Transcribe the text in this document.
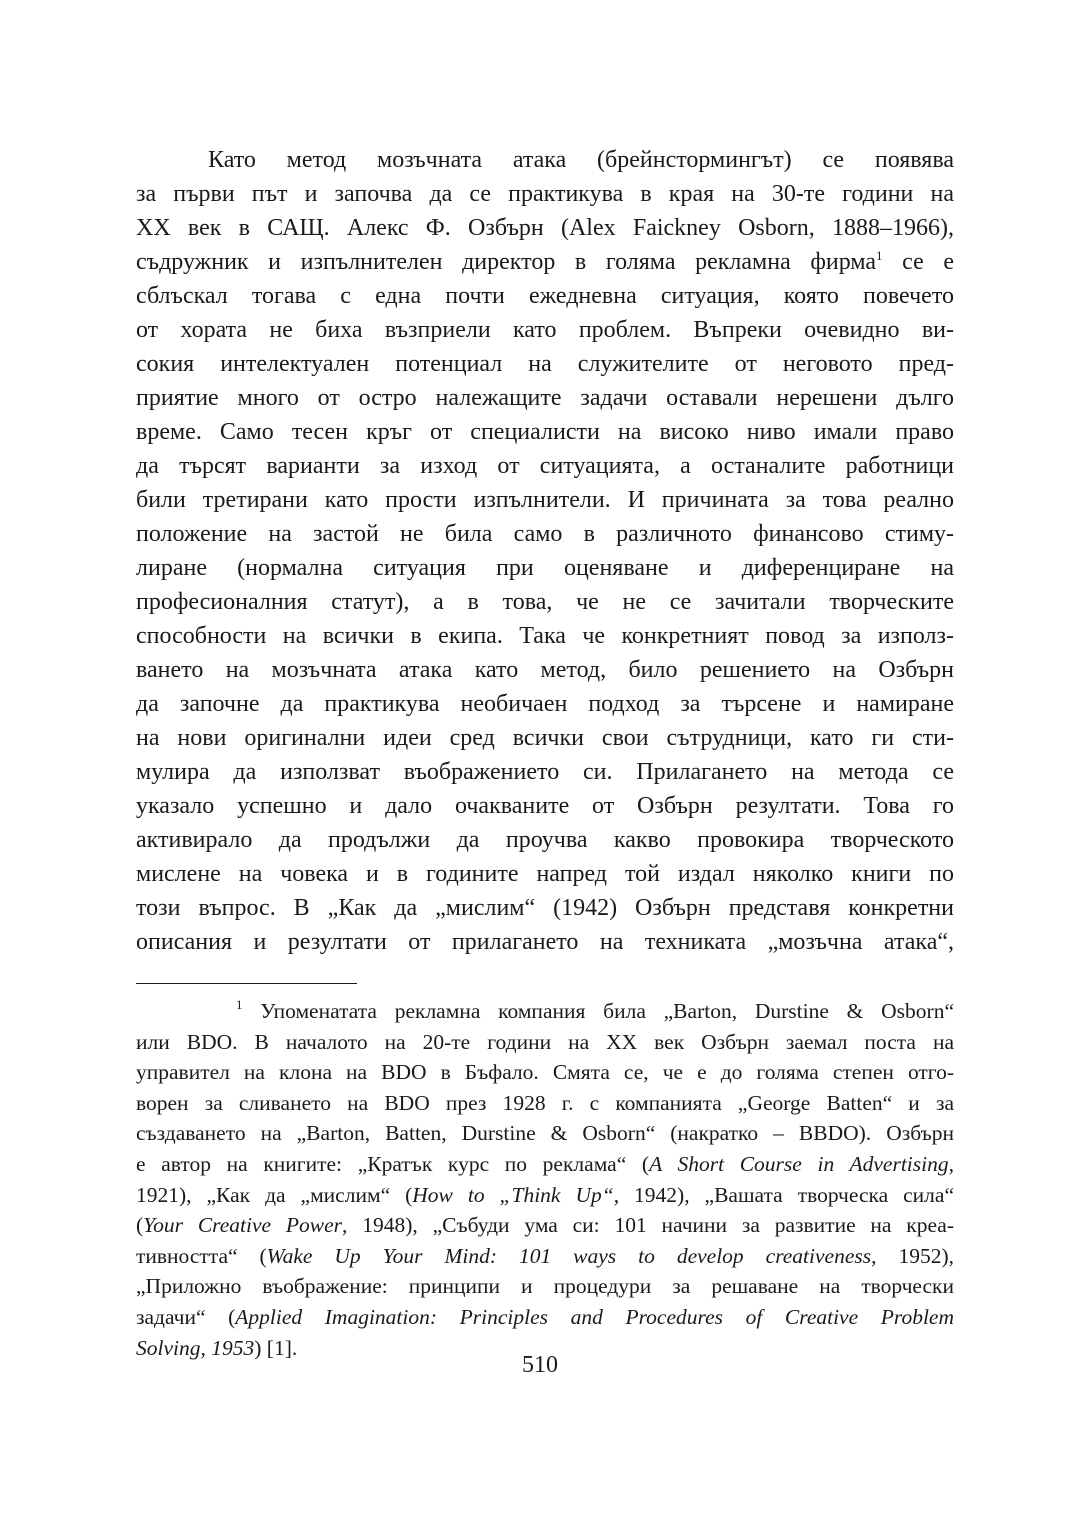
Като метод мозъчната атака (брейнстормингът) се появява
за първи път и започва да се практикува в края на 30-те години на
ХХ век в САЩ. Алекс Ф. Озбърн (Alex Faickney Osborn, 1888–1966),
съдружник и изпълнителен директор в голяма рекламна фирма$^1$ се е
сблъскал тогава с една почти ежедневна ситуация, която повечето
от хората не биха възприели като проблем. Въпреки очевидно ви-
сокия интелектуален потенциал на служителите от неговото пред-
приятие много от остро належащите задачи оставали нерешени дълго
време. Само тесен кръг от специалисти на високо ниво имали право
да търсят варианти за изход от ситуацията, а останалите работници
били третирани като прости изпълнители. И причината за това реално
положение на застой не била само в различното финансово стиму-
лиране (нормална ситуация при оценяване и диференциране на
професионалния статут), а в това, че не се зачитали творческите
способности на всички в екипа. Така че конкретният повод за използ-
ването на мозъчната атака като метод, било решението на Озбърн
да започне да практикува необичаен подход за търсене и намиране
на нови оригинални идеи сред всички свои сътрудници, като ги сти-
мулира да използват въображението си. Прилагането на метода се
указало успешно и дало очакваните от Озбърн резултати. Това го
активирало да продължи да проучва какво провокира творческото
мислене на човека и в годините напред той издал няколко книги по
този въпрос. В „Как да „мислим“ (1942) Озбърн представя конкретни
описания и резултати от прилагането на техниката „мозъчна атака“,
$^1$ Упоменатата рекламна компания била „Barton, Durstine & Osborn“
или BDO. В началото на 20-те години на ХХ век Озбърн заемал поста на
управител на клона на BDO в Бъфало. Смята се, че е до голяма степен отго-
ворен за сливането на BDO през 1928 г. с компанията „George Batten“ и за
създаването на „Barton, Batten, Durstine & Osborn“ (накратко – BBDO). Озбърн
е автор на книгите: „Кратък курс по реклама“ (A Short Course in Advertising,
1921), „Как да „мислим“ (How to „Think Up“, 1942), „Вашата творческа сила“
(Your Creative Power, 1948), „Събуди ума си: 101 начини за развитие на креа-
тивността“ (Wake Up Your Mind: 101 ways to develop creativeness, 1952),
„Приложно въображение: принципи и процедури за решаване на творчески
задачи“ (Applied Imagination: Principles and Procedures of Creative Problem
Solving, 1953) [1].
510
